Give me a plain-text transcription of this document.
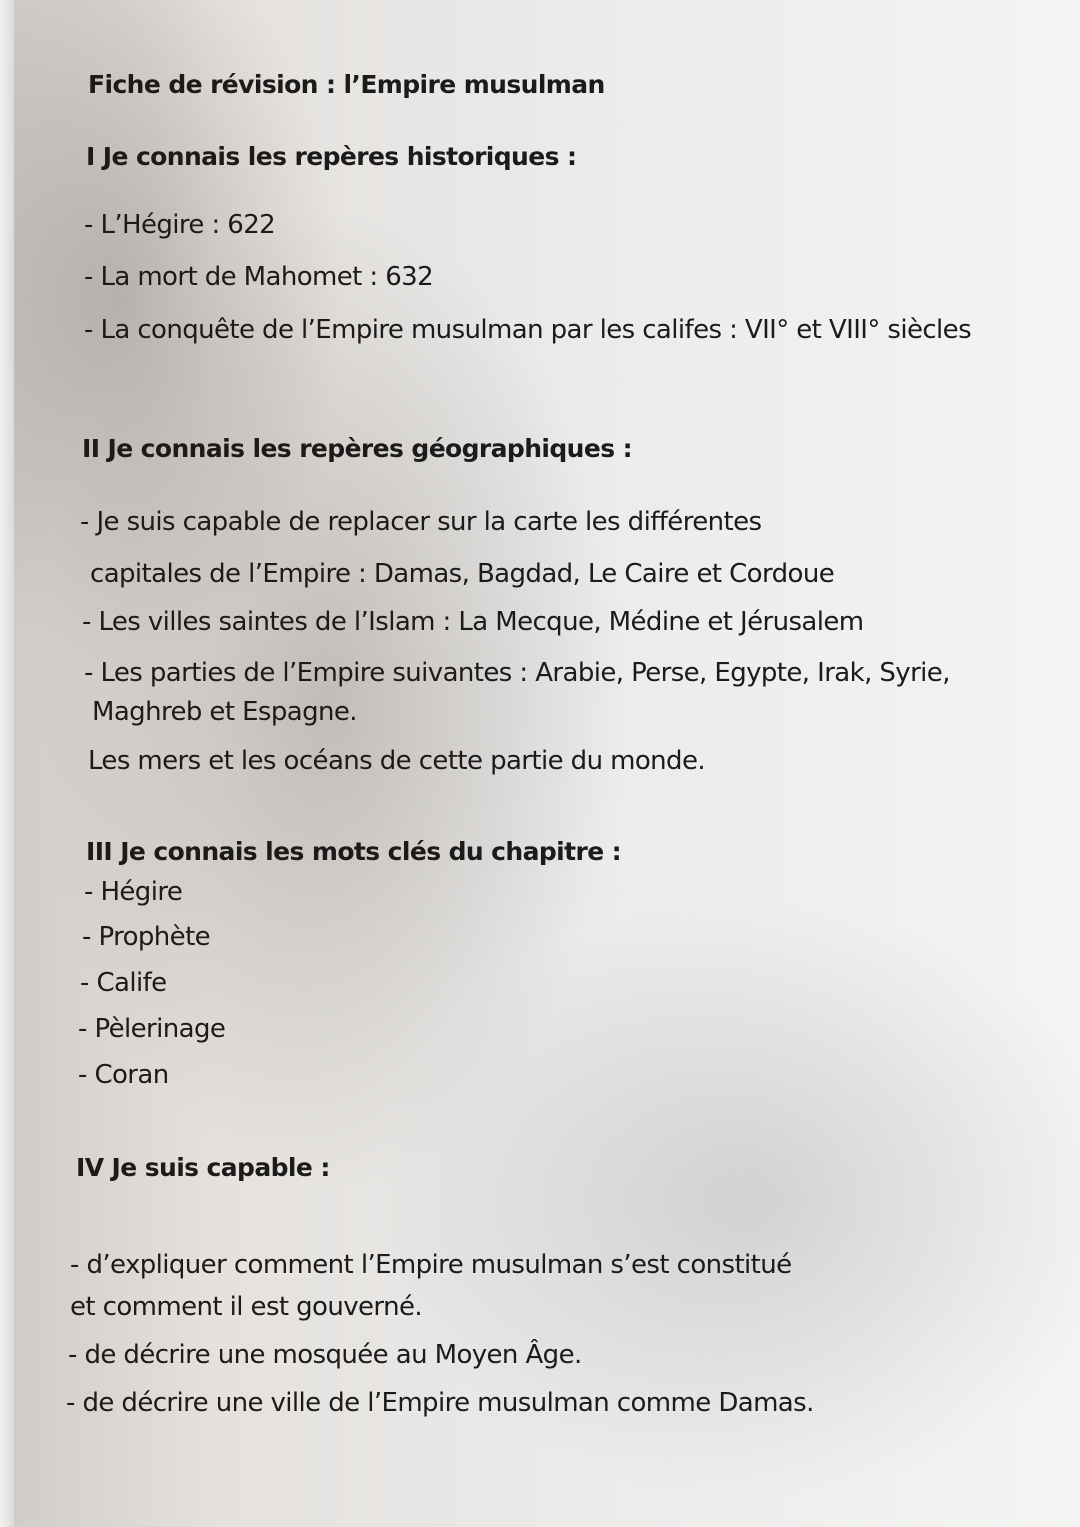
Fiche de révision : l’Empire musulman
I Je connais les repères historiques :
- L’Hégire : 622
- La mort de Mahomet : 632
- La conquête de l’Empire musulman par les califes : VII° et VIII° siècles
II Je connais les repères géographiques :
- Je suis capable de replacer sur la carte les différentes
capitales de l’Empire : Damas, Bagdad, Le Caire et Cordoue
- Les villes saintes de l’Islam : La Mecque, Médine et Jérusalem
- Les parties de l’Empire suivantes : Arabie, Perse, Egypte, Irak, Syrie,
Maghreb et Espagne.
Les mers et les océans de cette partie du monde.
III Je connais les mots clés du chapitre :
- Hégire
- Prophète
- Calife
- Pèlerinage
- Coran
IV Je suis capable :
- d’expliquer comment l’Empire musulman s’est constitué
et comment il est gouverné.
- de décrire une mosquée au Moyen Âge.
- de décrire une ville de l’Empire musulman comme Damas.
